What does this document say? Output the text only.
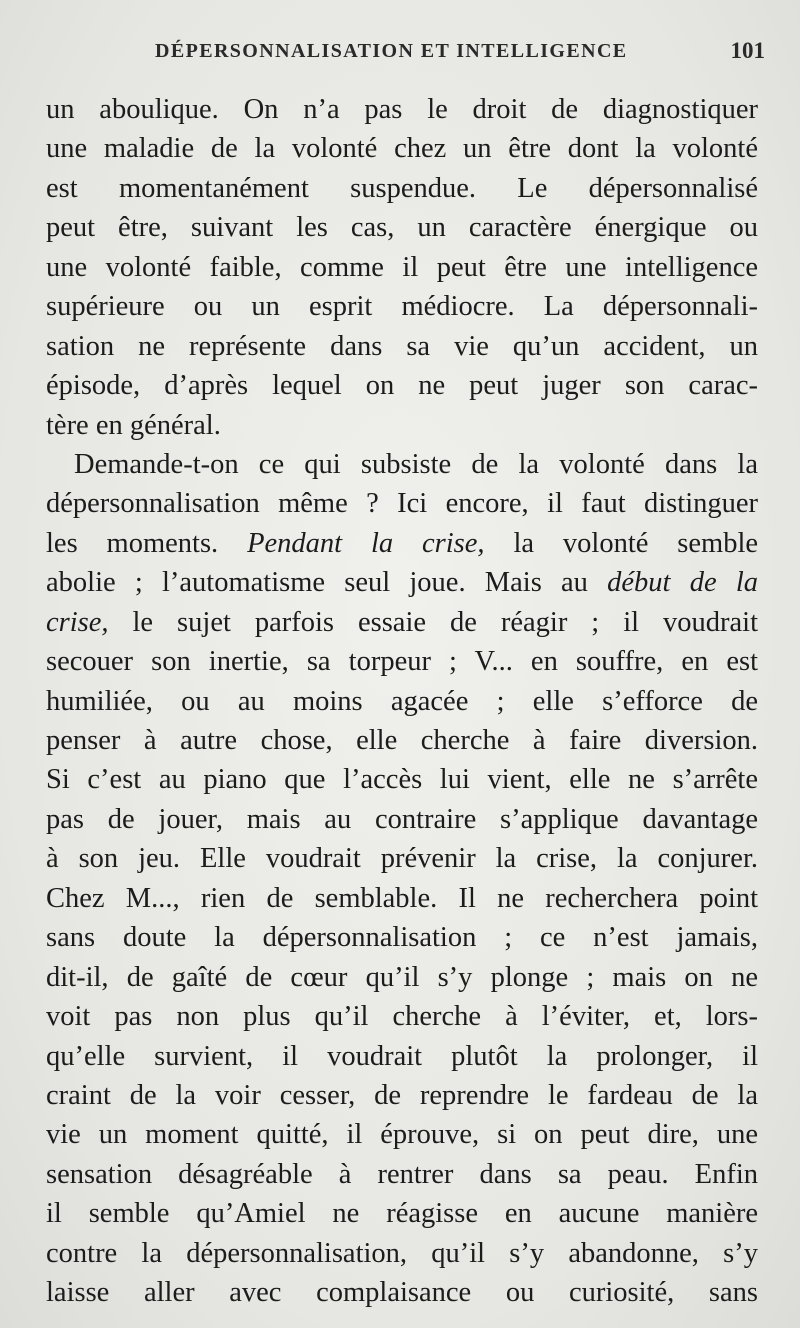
DÉPERSONNALISATION ET INTELLIGENCE	101
un aboulique. On n’a pas le droit de diagnostiquer
une maladie de la volonté chez un être dont la volonté
est momentanément suspendue. Le dépersonnalisé
peut être, suivant les cas, un caractère énergique ou
une volonté faible, comme il peut être une intelligence
supérieure ou un esprit médiocre. La dépersonnali-
sation ne représente dans sa vie qu’un accident, un
épisode, d’après lequel on ne peut juger son carac-
tère en général.
Demande-t-on ce qui subsiste de la volonté dans la
dépersonnalisation même ? Ici encore, il faut distinguer
les moments. Pendant la crise, la volonté semble
abolie ; l’automatisme seul joue. Mais au début de la
crise, le sujet parfois essaie de réagir ; il voudrait
secouer son inertie, sa torpeur ; V... en souffre, en est
humiliée, ou au moins agacée ; elle s’efforce de
penser à autre chose, elle cherche à faire diversion.
Si c’est au piano que l’accès lui vient, elle ne s’arrête
pas de jouer, mais au contraire s’applique davantage
à son jeu. Elle voudrait prévenir la crise, la conjurer.
Chez M..., rien de semblable. Il ne recherchera point
sans doute la dépersonnalisation ; ce n’est jamais,
dit-il, de gaîté de cœur qu’il s’y plonge ; mais on ne
voit pas non plus qu’il cherche à l’éviter, et, lors-
qu’elle survient, il voudrait plutôt la prolonger, il
craint de la voir cesser, de reprendre le fardeau de la
vie un moment quitté, il éprouve, si on peut dire, une
sensation désagréable à rentrer dans sa peau. Enfin
il semble qu’Amiel ne réagisse en aucune manière
contre la dépersonnalisation, qu’il s’y abandonne, s’y
laisse aller avec complaisance ou curiosité, sans
